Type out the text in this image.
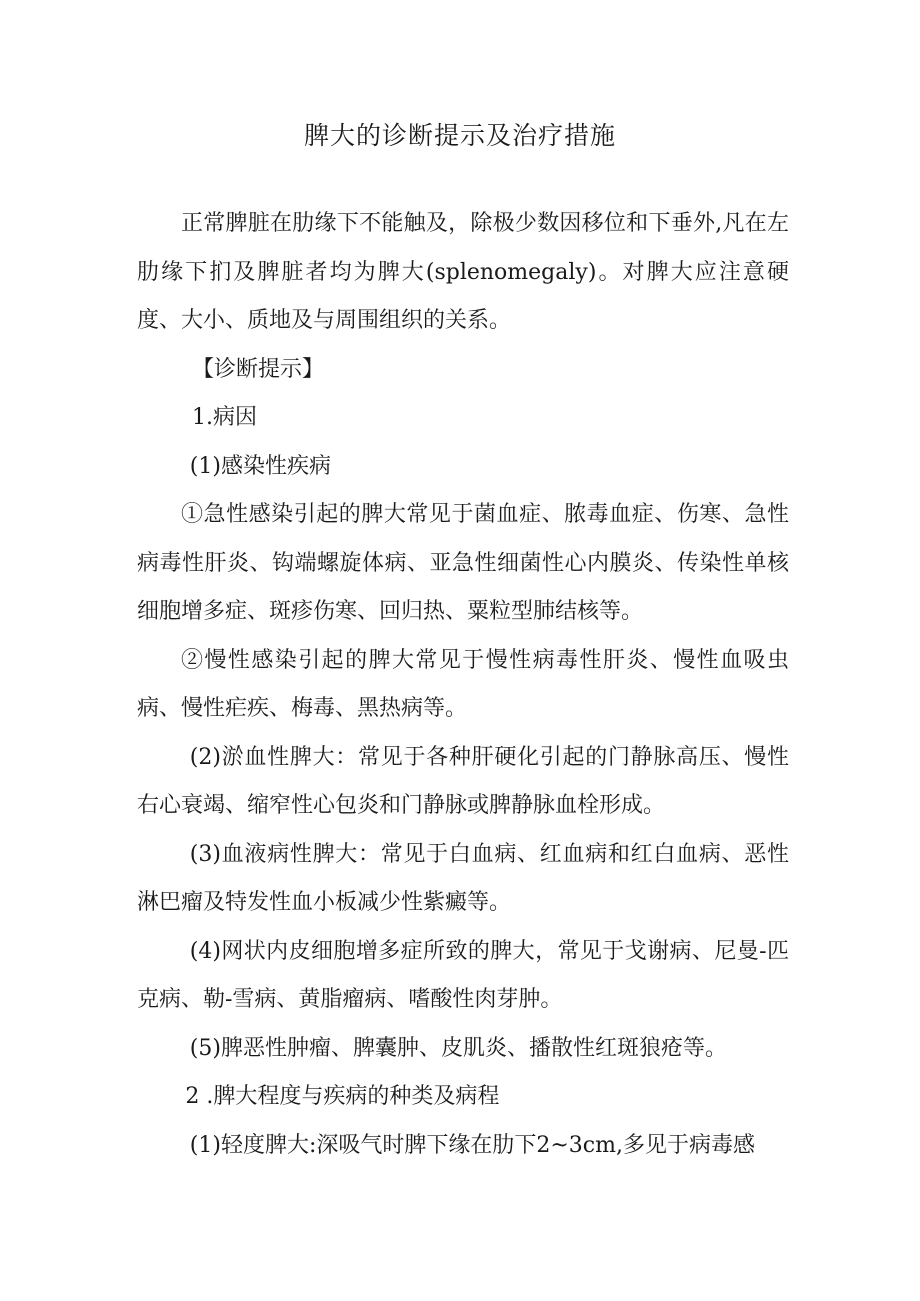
脾大的诊断提示及治疗措施

正常脾脏在肋缘下不能触及，除极少数因移位和下垂外,凡在左肋缘下扪及脾脏者均为脾大(splenomegaly)。对脾大应注意硬度、大小、质地及与周围组织的关系。

【诊断提示】

1.病因

(1)感染性疾病

①急性感染引起的脾大常见于菌血症、脓毒血症、伤寒、急性病毒性肝炎、钩端螺旋体病、亚急性细菌性心内膜炎、传染性单核细胞增多症、斑疹伤寒、回归热、粟粒型肺结核等。

②慢性感染引起的脾大常见于慢性病毒性肝炎、慢性血吸虫病、慢性疟疾、梅毒、黑热病等。

(2)淤血性脾大：常见于各种肝硬化引起的门静脉高压、慢性右心衰竭、缩窄性心包炎和门静脉或脾静脉血栓形成。

(3)血液病性脾大：常见于白血病、红血病和红白血病、恶性淋巴瘤及特发性血小板减少性紫癜等。

(4)网状内皮细胞增多症所致的脾大，常见于戈谢病、尼曼-匹克病、勒-雪病、黄脂瘤病、嗜酸性肉芽肿。

(5)脾恶性肿瘤、脾囊肿、皮肌炎、播散性红斑狼疮等。

2 .脾大程度与疾病的种类及病程

(1)轻度脾大:深吸气时脾下缘在肋下2~3cm,多见于病毒感
